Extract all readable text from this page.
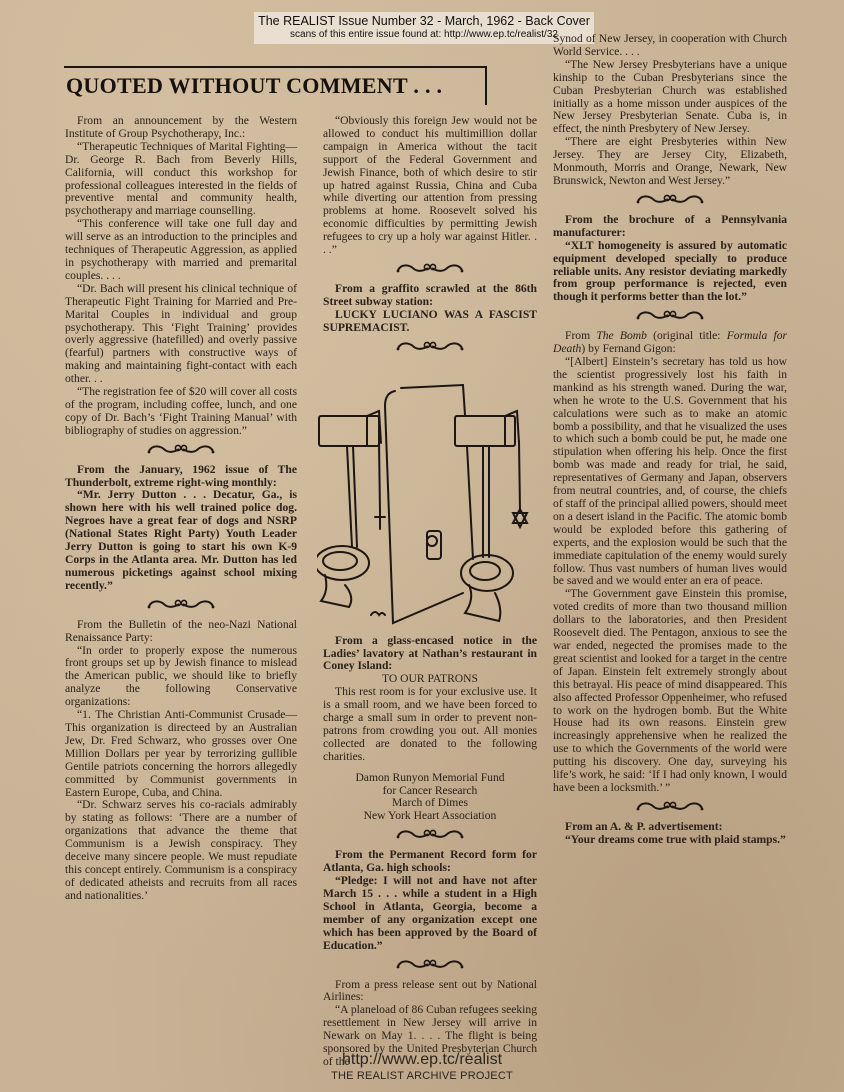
The REALIST Issue Number 32 - March, 1962 - Back Cover
scans of this entire issue found at: http://www.ep.tc/realist/32
QUOTED WITHOUT COMMENT . . .

From an announcement by the Western Institute of Group Psychotherapy, Inc.:

“Therapeutic Techniques of Marital Fighting—Dr. George R. Bach from Beverly Hills, California, will conduct this workshop for professional colleagues interested in the fields of preventive mental and community health, psychotherapy and marriage counselling.

“This conference will take one full day and will serve as an introduction to the principles and techniques of Therapeutic Aggression, as applied in psychotherapy with married and premarital couples. . . .

“Dr. Bach will present his clinical technique of Therapeutic Fight Training for Married and Pre-Marital Couples in individual and group psychotherapy. This ‘Fight Training’ provides overly aggressive (hatefilled) and overly passive (fearful) partners with constructive ways of making and maintaining fight-contact with each other. . .

“The registration fee of $20 will cover all costs of the program, including coffee, lunch, and one copy of Dr. Bach’s ‘Fight Training Manual’ with bibliography of studies on aggression.”

From the January, 1962 issue of The Thunderbolt, extreme right-wing monthly:

“Mr. Jerry Dutton . . . Decatur, Ga., is shown here with his well trained police dog. Negroes have a great fear of dogs and NSRP (National States Right Party) Youth Leader Jerry Dutton is going to start his own K-9 Corps in the Atlanta area. Mr. Dutton has led numerous picketings against school mixing recently.”

From the Bulletin of the neo-Nazi National Renaissance Party:

“In order to properly expose the numerous front groups set up by Jewish finance to mislead the American public, we should like to briefly analyze the following Conservative organizations:

“1. The Christian Anti-Communist Crusade—This organization is directeed by an Australian Jew, Dr. Fred Schwarz, who grosses over One Million Dollars per year by terrorizing gullible Gentile patriots concerning the horrors allegedly committed by Communist governments in Eastern Europe, Cuba, and China.

“Dr. Schwarz serves his co-racials admirably by stating as follows: ‘There are a number of organizations that advance the theme that Communism is a Jewish conspiracy. They deceive many sincere people. We must repudiate this concept entirely. Communism is a conspiracy of dedicated atheists and recruits from all races and nationalities.’

“Obviously this foreign Jew would not be allowed to conduct his multimillion dollar campaign in America without the tacit support of the Federal Government and Jewish Finance, both of which desire to stir up hatred against Russia, China and Cuba while diverting our attention from pressing problems at home. Roosevelt solved his economic difficulties by permitting Jewish refugees to cry up a holy war against Hitler. . . .”

From a graffito scrawled at the 86th Street subway station:

LUCKY LUCIANO WAS A FASCIST SUPREMACIST.

From a glass-encased notice in the Ladies’ lavatory at Nathan’s restaurant in Coney Island:

TO OUR PATRONS

This rest room is for your exclusive use. It is a small room, and we have been forced to charge a small sum in order to prevent non-patrons from crowding you out. All monies collected are donated to the following charities.

Damon Runyon Memorial Fund

for Cancer Research

March of Dimes

New York Heart Association

From the Permanent Record form for Atlanta, Ga. high schools:

“Pledge: I will not and have not after March 15 . . . while a student in a High School in Atlanta, Georgia, become a member of any organization except one which has been approved by the Board of Education.”

From a press release sent out by National Airlines:

“A planeload of 86 Cuban refugees seeking resettlement in New Jersey will arrive in Newark on May 1. . . . The flight is being sponsored by the United Presbyterian Church of the

Synod of New Jersey, in cooperation with Church World Service. . . .

“The New Jersey Presbyterians have a unique kinship to the Cuban Presbyterians since the Cuban Presbyterian Church was established initially as a home misson under auspices of the New Jersey Presbyterian Senate. Cuba is, in effect, the ninth Presbytery of New Jersey.

“There are eight Presbyteries within New Jersey. They are Jersey City, Elizabeth, Monmouth, Morris and Orange, Newark, New Brunswick, Newton and West Jersey.”

From the brochure of a Pennsylvania manufacturer:

“XLT homogeneity is assured by automatic equipment developed specially to produce reliable units. Any resistor deviating markedly from group performance is rejected, even though it performs better than the lot.”

From The Bomb (original title: Formula for Death) by Fernand Gigon:

“[Albert] Einstein’s secretary has told us how the scientist progressively lost his faith in mankind as his strength waned. During the war, when he wrote to the U.S. Government that his calculations were such as to make an atomic bomb a possibility, and that he visualized the uses to which such a bomb could be put, he made one stipulation when offering his help. Once the first bomb was made and ready for trial, he said, representatives of Germany and Japan, observers from neutral countries, and, of course, the chiefs of staff of the principal allied powers, should meet on a desert island in the Pacific. The atomic bomb would be exploded before this gathering of experts, and the explosion would be such that the immediate capitulation of the enemy would surely follow. Thus vast numbers of human lives would be saved and we would enter an era of peace.

“The Government gave Einstein this promise, voted credits of more than two thousand million dollars to the laboratories, and then President Roosevelt died. The Pentagon, anxious to see the war ended, negected the promises made to the great scientist and looked for a target in the centre of Japan. Einstein felt extremely strongly about this betrayal. His peace of mind disappeared. This also affected Professor Oppenheimer, who refused to work on the hydrogen bomb. But the White House had its own reasons. Einstein grew increasingly apprehensive when he realized the use to which the Governments of the world were putting his discovery. One day, surveying his life’s work, he said: ‘If I had only known, I would have been a locksmith.’ ”

From an A. & P. advertisement:

“Your dreams come true with plaid stamps.”

http://www.ep.tc/realist
THE REALIST ARCHIVE PROJECT
